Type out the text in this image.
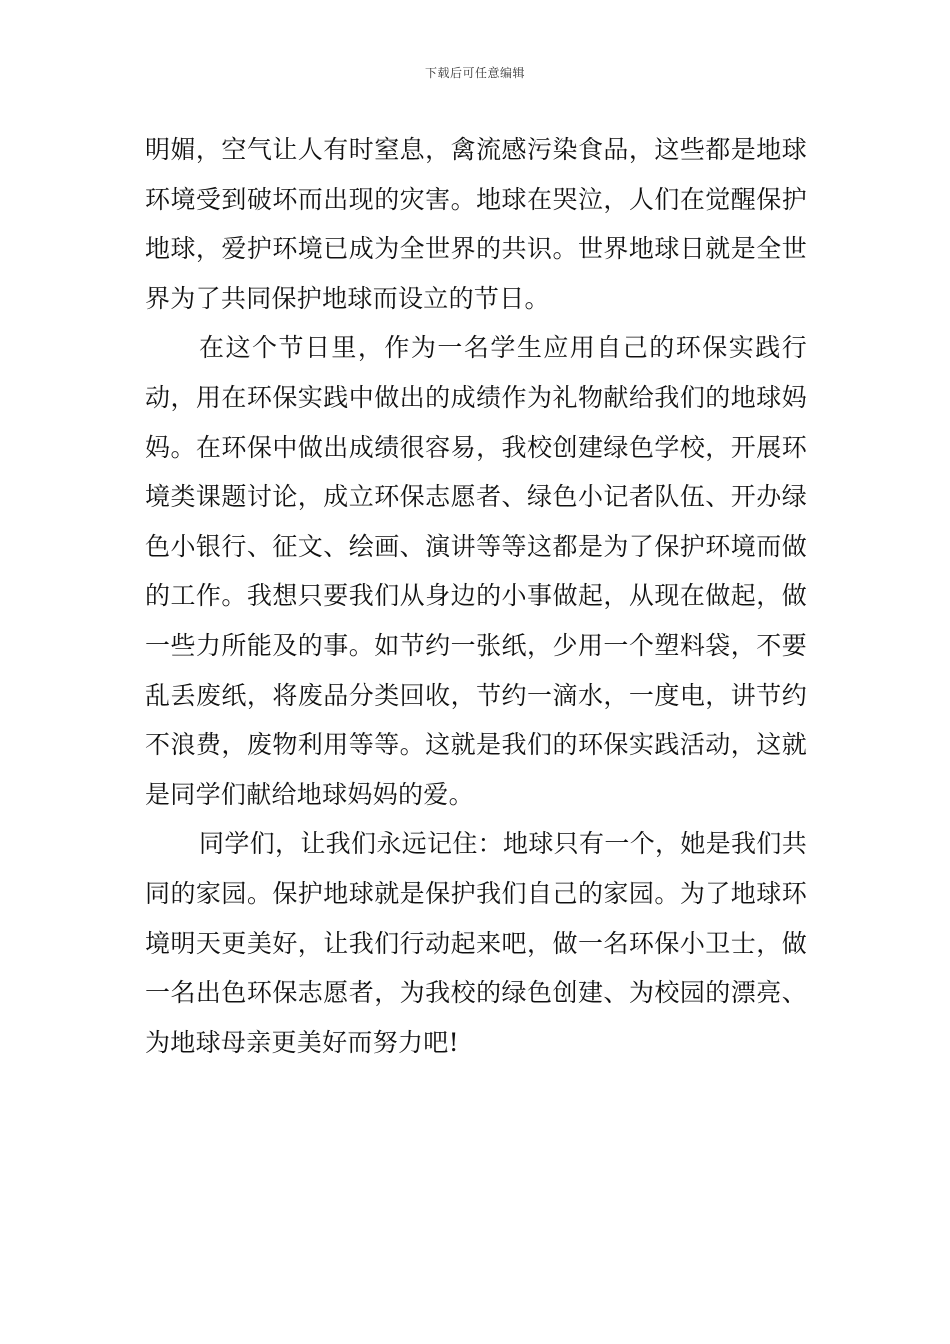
下载后可任意编辑

明媚，空气让人有时窒息，禽流感污染食品，这些都是地球环境受到破坏而出现的灾害。地球在哭泣，人们在觉醒保护地球，爱护环境已成为全世界的共识。世界地球日就是全世界为了共同保护地球而设立的节日。

在这个节日里，作为一名学生应用自己的环保实践行动，用在环保实践中做出的成绩作为礼物献给我们的地球妈妈。在环保中做出成绩很容易，我校创建绿色学校，开展环境类课题讨论，成立环保志愿者、绿色小记者队伍、开办绿色小银行、征文、绘画、演讲等等这都是为了保护环境而做的工作。我想只要我们从身边的小事做起，从现在做起，做一些力所能及的事。如节约一张纸，少用一个塑料袋，不要乱丢废纸，将废品分类回收，节约一滴水，一度电，讲节约不浪费，废物利用等等。这就是我们的环保实践活动，这就是同学们献给地球妈妈的爱。

同学们，让我们永远记住：地球只有一个，她是我们共同的家园。保护地球就是保护我们自己的家园。为了地球环境明天更美好，让我们行动起来吧，做一名环保小卫士，做一名出色环保志愿者，为我校的绿色创建、为校园的漂亮、为地球母亲更美好而努力吧!
